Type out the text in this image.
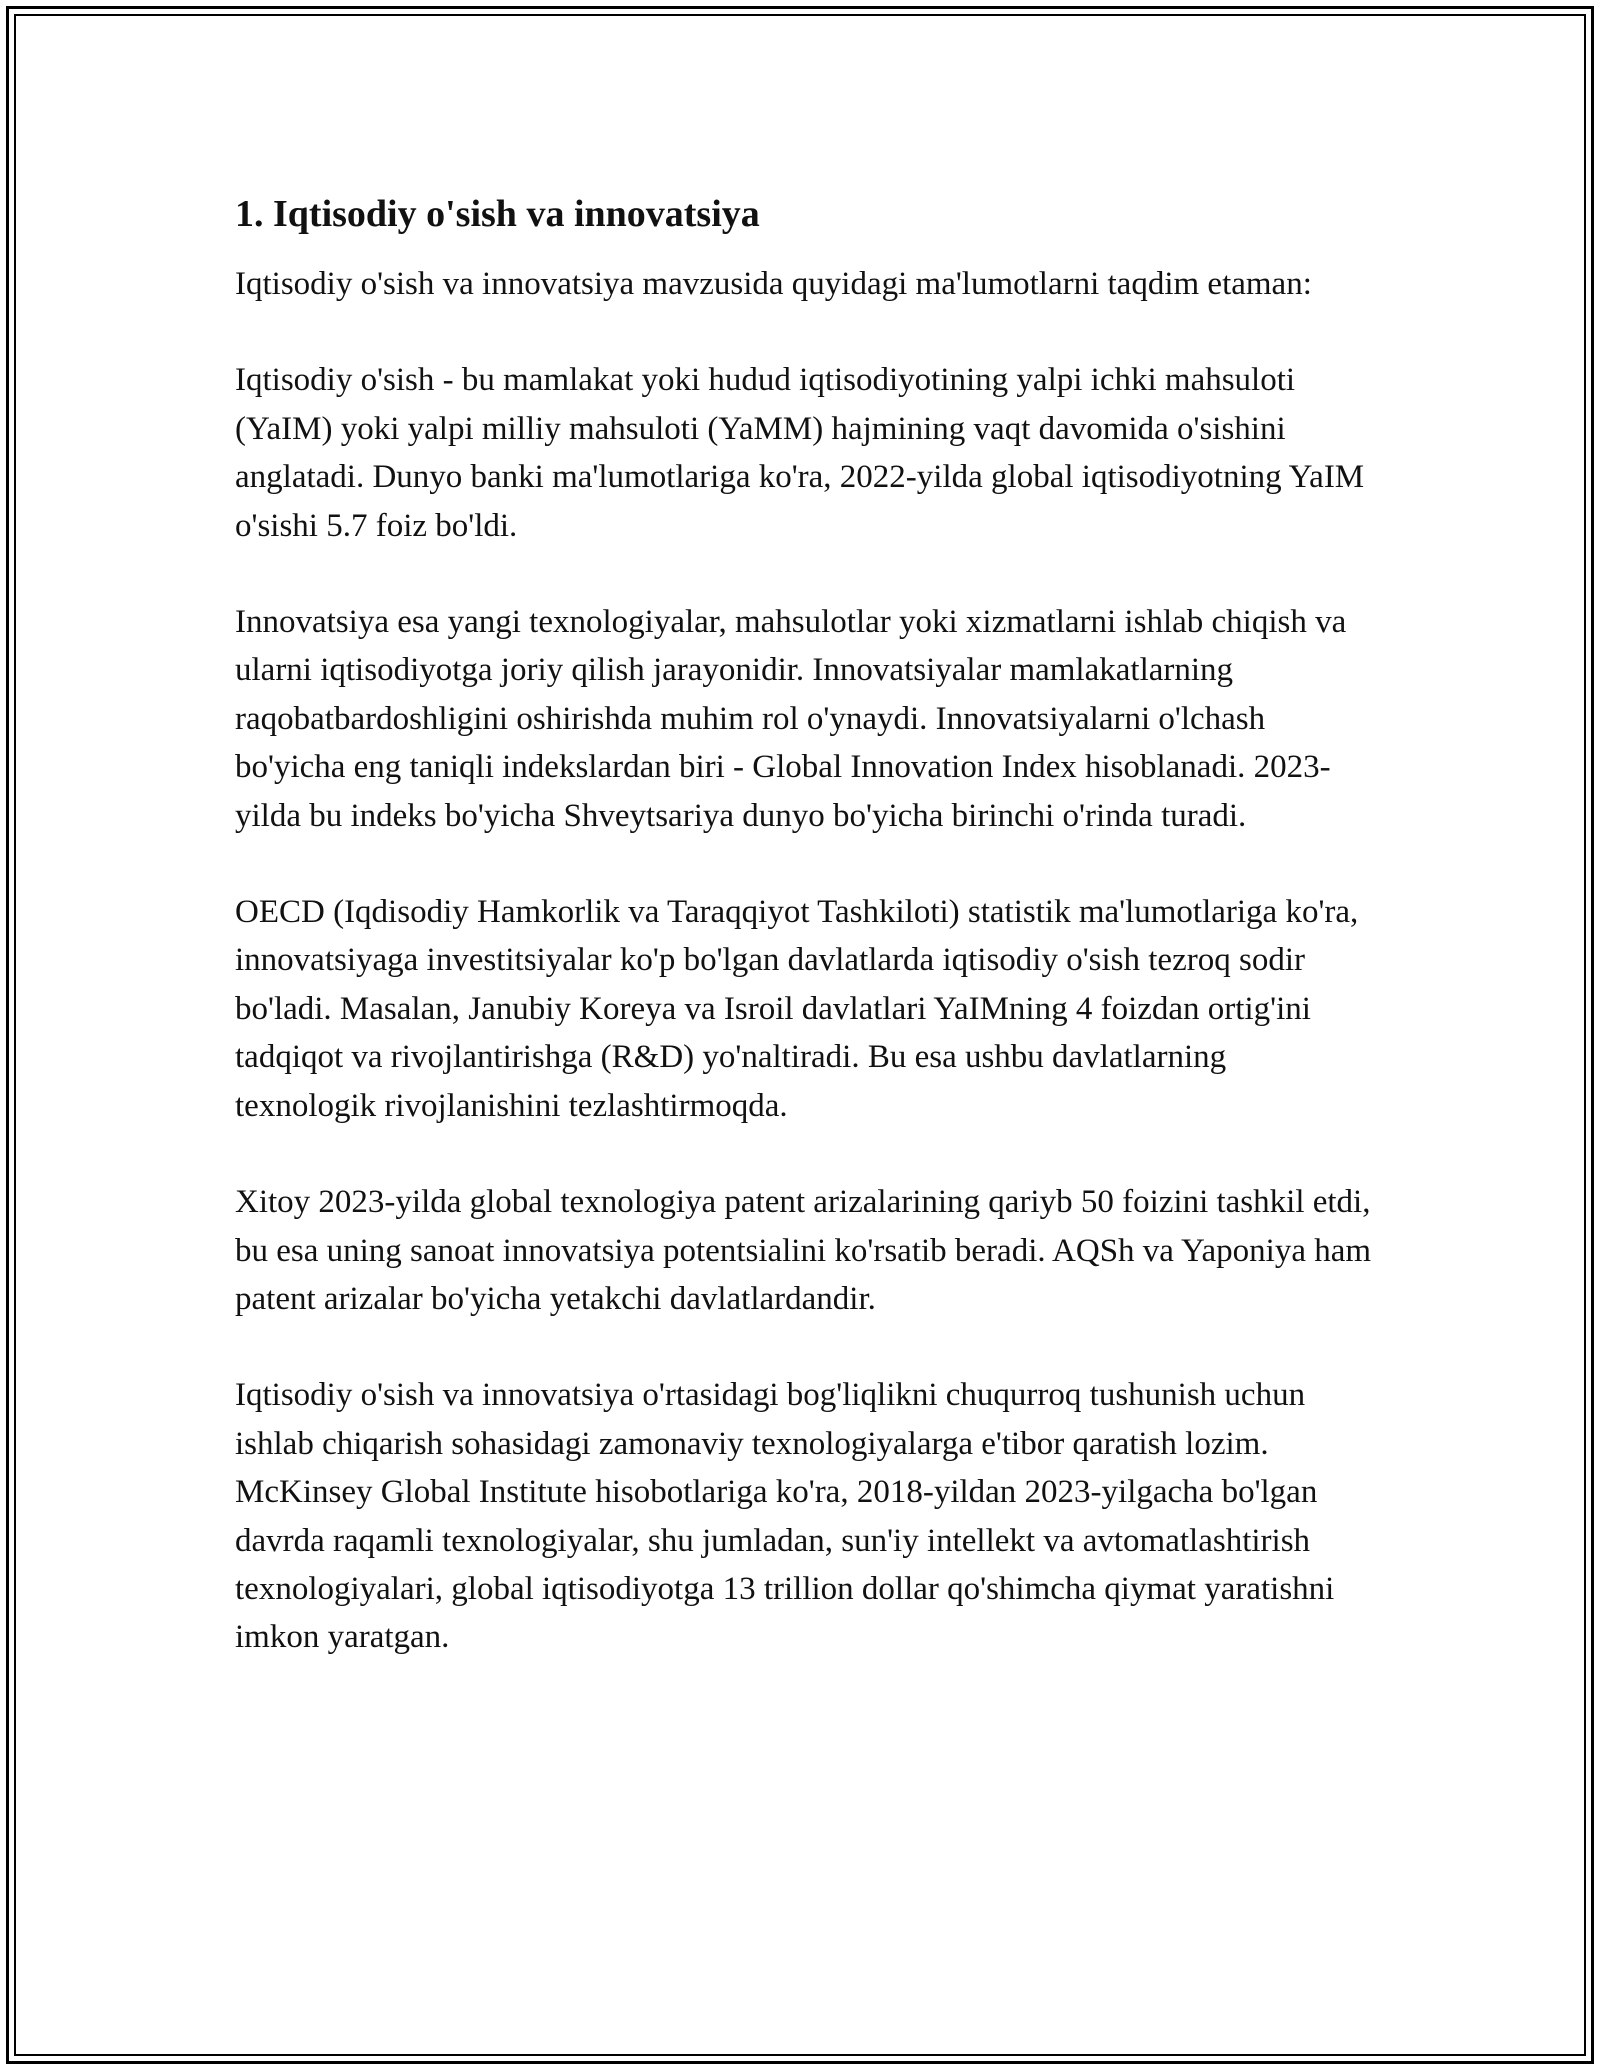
1. Iqtisodiy o'sish va innovatsiya

Iqtisodiy o'sish va innovatsiya mavzusida quyidagi ma'lumotlarni taqdim etaman:

Iqtisodiy o'sish - bu mamlakat yoki hudud iqtisodiyotining yalpi ichki mahsuloti (YaIM) yoki yalpi milliy mahsuloti (YaMM) hajmining vaqt davomida o'sishini anglatadi. Dunyo banki ma'lumotlariga ko'ra, 2022-yilda global iqtisodiyotning YaIM o'sishi 5.7 foiz bo'ldi.

Innovatsiya esa yangi texnologiyalar, mahsulotlar yoki xizmatlarni ishlab chiqish va ularni iqtisodiyotga joriy qilish jarayonidir. Innovatsiyalar mamlakatlarning raqobatbardoshligini oshirishda muhim rol o'ynaydi. Innovatsiyalarni o'lchash bo'yicha eng taniqli indekslardan biri - Global Innovation Index hisoblanadi. 2023-yilda bu indeks bo'yicha Shveytsariya dunyo bo'yicha birinchi o'rinda turadi.

OECD (Iqdisodiy Hamkorlik va Taraqqiyot Tashkiloti) statistik ma'lumotlariga ko'ra, innovatsiyaga investitsiyalar ko'p bo'lgan davlatlarda iqtisodiy o'sish tezroq sodir bo'ladi. Masalan, Janubiy Koreya va Isroil davlatlari YaIMning 4 foizdan ortig'ini tadqiqot va rivojlantirishga (R&D) yo'naltiradi. Bu esa ushbu davlatlarning texnologik rivojlanishini tezlashtirmoqda.

Xitoy 2023-yilda global texnologiya patent arizalarining qariyb 50 foizini tashkil etdi, bu esa uning sanoat innovatsiya potentsialini ko'rsatib beradi. AQSh va Yaponiya ham patent arizalar bo'yicha yetakchi davlatlardandir.

Iqtisodiy o'sish va innovatsiya o'rtasidagi bog'liqlikni chuqurroq tushunish uchun ishlab chiqarish sohasidagi zamonaviy texnologiyalarga e'tibor qaratish lozim. McKinsey Global Institute hisobotlariga ko'ra, 2018-yildan 2023-yilgacha bo'lgan davrda raqamli texnologiyalar, shu jumladan, sun'iy intellekt va avtomatlashtirish texnologiyalari, global iqtisodiyotga 13 trillion dollar qo'shimcha qiymat yaratishni imkon yaratgan.
